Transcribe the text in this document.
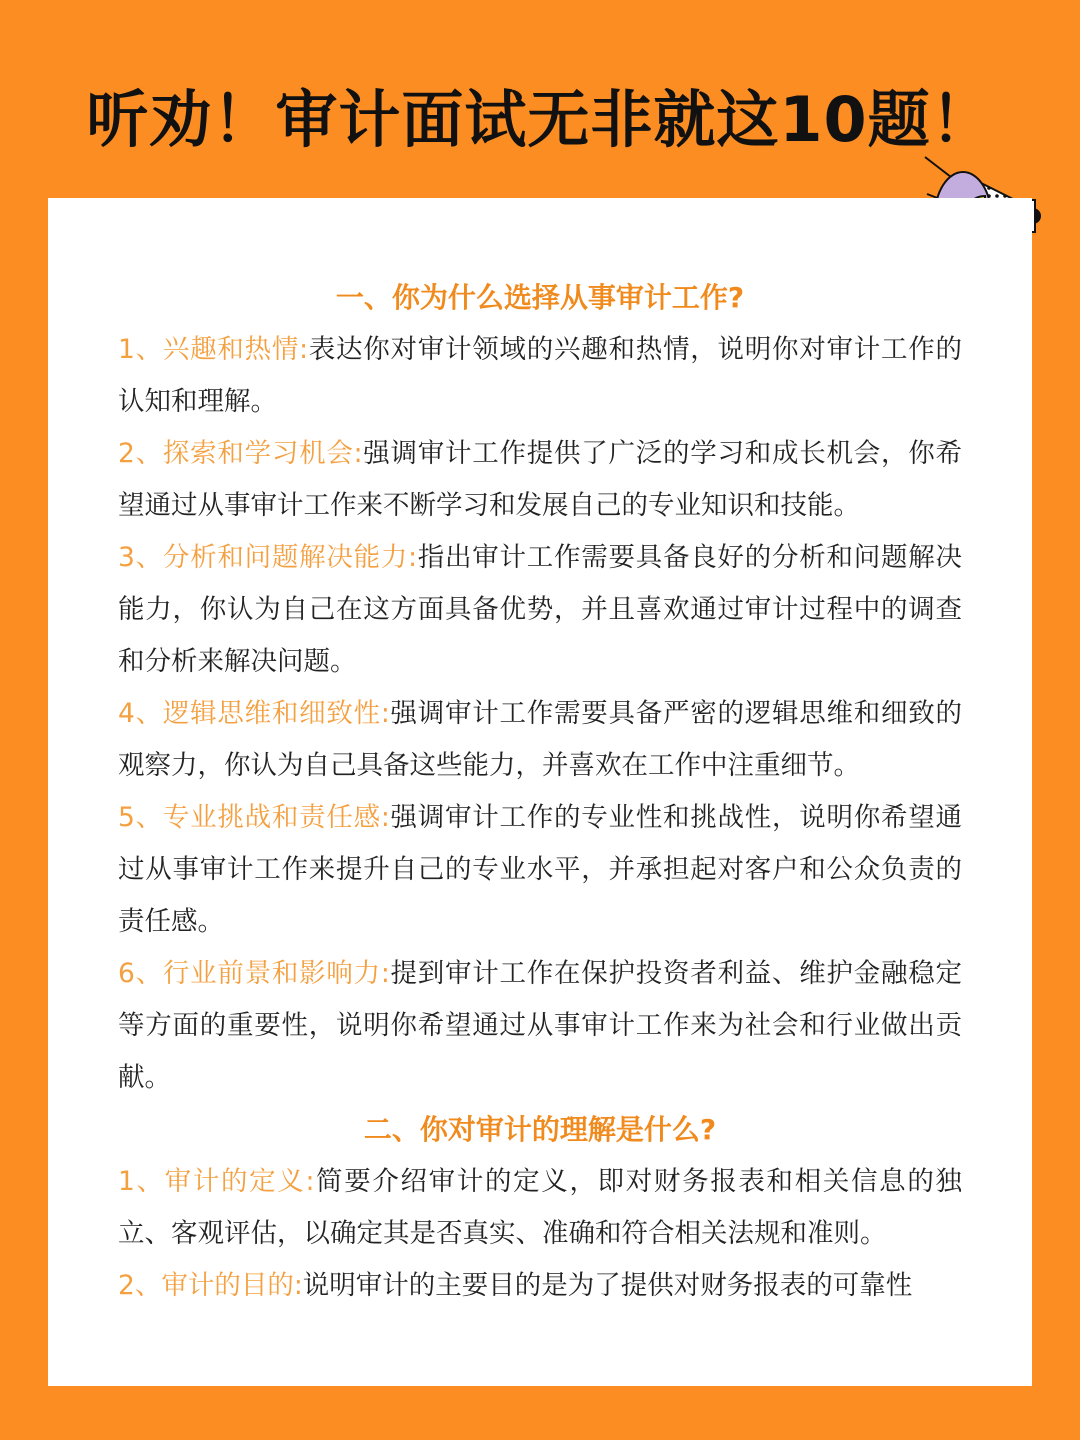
听劝！审计面试无非就这10题！
一、你为什么选择从事审计工作?
1、兴趣和热情:表达你对审计领域的兴趣和热情，说明你对审计工作的认知和理解。
2、探索和学习机会:强调审计工作提供了广泛的学习和成长机会，你希望通过从事审计工作来不断学习和发展自己的专业知识和技能。
3、分析和问题解决能力:指出审计工作需要具备良好的分析和问题解决能力，你认为自己在这方面具备优势，并且喜欢通过审计过程中的调查和分析来解决问题。
4、逻辑思维和细致性:强调审计工作需要具备严密的逻辑思维和细致的观察力，你认为自己具备这些能力，并喜欢在工作中注重细节。
5、专业挑战和责任感:强调审计工作的专业性和挑战性，说明你希望通过从事审计工作来提升自己的专业水平，并承担起对客户和公众负责的责任感。
6、行业前景和影响力:提到审计工作在保护投资者利益、维护金融稳定等方面的重要性，说明你希望通过从事审计工作来为社会和行业做出贡献。
二、你对审计的理解是什么?
1、审计的定义:简要介绍审计的定义，即对财务报表和相关信息的独立、客观评估，以确定其是否真实、准确和符合相关法规和准则。
2、审计的目的:说明审计的主要目的是为了提供对财务报表的可靠性
